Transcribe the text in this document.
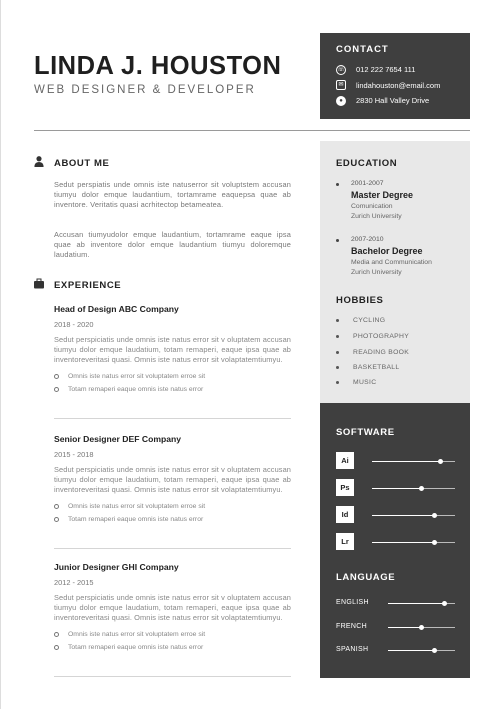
LINDA J. HOUSTON
WEB DESIGNER & DEVELOPER
CONTACT
☏ 012 222 7654 111
✉	lindahouston@email.com
●	2830 Hall Valley Drive
ABOUT ME
Sedut perspiatis unde omnis iste natuserror sit voluptstem accusan tiumyu dolor emque laudantium, tortamrame eaquepsa quae ab inventore. Veritatis quasi acrhitectop betameatea.
Accusan tiumyudolor emque laudantium, tortamrame eaque ipsa quae ab inventore dolor emque laudantium tiumyu doloremque laudatium.
EXPERIENCE
Head of Design ABC Company
2018 - 2020
Sedut perspiciatis unde omnis iste natus error sit v oluptatem accusan tiumyu dolor emque laudatium, totam remaperi, eaque ipsa quae ab inventoreveritasi quasi. Omnis iste natus error sit volaptatemtiumyu.
Omnis iste natus error sit voluptatem erroe sit
Totam remaperi eaque omnis iste natus error
Senior Designer DEF Company
2015 - 2018
Sedut perspiciatis unde omnis iste natus error sit v oluptatem accusan tiumyu dolor emque laudatium, totam remaperi, eaque ipsa quae ab inventoreveritasi quasi. Omnis iste natus error sit volaptatemtiumyu.
Omnis iste natus error sit voluptatem erroe sit
Totam remaperi eaque omnis iste natus error
Junior Designer GHI Company
2012 - 2015
Sedut perspiciatis unde omnis iste natus error sit v oluptatem accusan tiumyu dolor emque laudatium, totam remaperi, eaque ipsa quae ab inventoreveritasi quasi. Omnis iste natus error sit volaptatemtiumyu.
Omnis iste natus error sit voluptatem erroe sit
Totam remaperi eaque omnis iste natus error
EDUCATION
2001-2007
Master Degree
Comunication
Zurich University
2007-2010
Bachelor Degree
Media and Communication
Zurich University
HOBBIES
CYCLING
PHOTOGRAPHY
READING BOOK
BASKETBALL
MUSIC
SOFTWARE
Ai
Ps
Id
Lr
LANGUAGE
ENGLISH
FRENCH
SPANISH
